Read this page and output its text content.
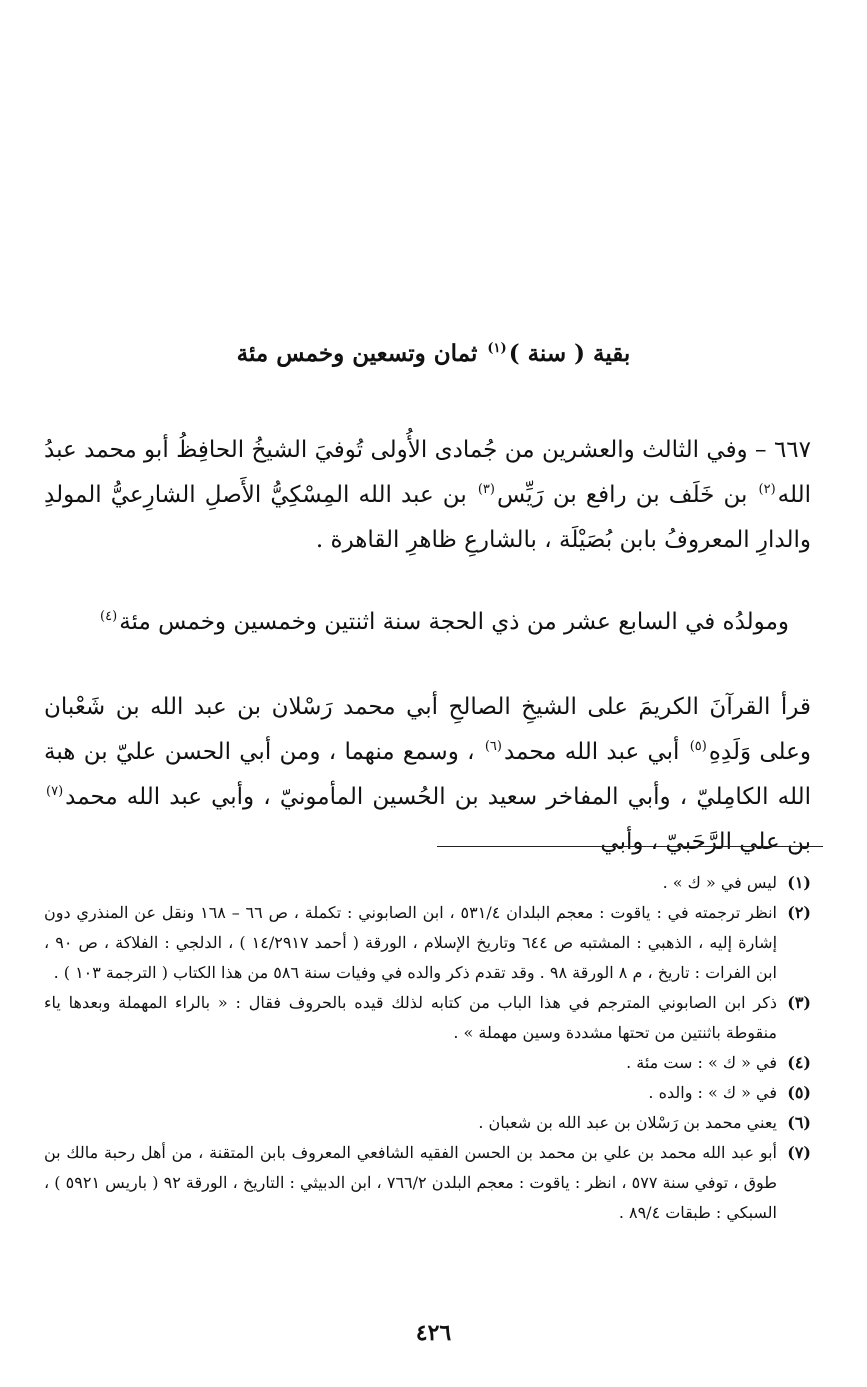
بقية ( سنة )$^{(١)}$ ثمان وتسعين وخمس مئة
٦٦٧ – وفي الثالث والعشرين من جُمادى الأُولى تُوفيَ الشيخُ الحافِظُ أبو محمد عبدُ الله$^{(٢)}$ بن خَلَف بن رافع بن رَيِّس$^{(٣)}$ بن عبد الله المِسْكِيُّ الأَصلِ الشارِعيُّ المولدِ والدارِ المعروفُ بابن بُصَيْلَة ، بالشارعِ ظاهرِ القاهرة .
ومولدُه في السابع عشر من ذي الحجة سنة اثنتين وخمسين وخمس مئة$^{(٤)}$
قرأ القرآنَ الكريمَ على الشيخِ الصالحِ أبي محمد رَسْلان بن عبد الله بن شَعْبان وعلى وَلَدِهِ$^{(٥)}$ أبي عبد الله محمد$^{(٦)}$ ، وسمع منهما ، ومن أبي الحسن عليّ بن هبة الله الكامِليّ ، وأبي المفاخر سعيد بن الحُسين المأمونيّ ، وأبي عبد الله محمد$^{(٧)}$ بن علي الرَّحَبيّ ، وأبي
(١)
ليس في « ك » .
(٢)
انظر ترجمته في : ياقوت : معجم البلدان ٥٣١/٤ ، ابن الصابوني : تكملة ، ص ٦٦ – ١٦٨ ونقل عن المنذري دون إشارة إليه ، الذهبي : المشتبه ص ٦٤٤ وتاريخ الإسلام ، الورقة ( أحمد ١٤/٢٩١٧ ) ، الدلجي : الفلاكة ، ص ٩٠ ، ابن الفرات : تاريخ ، م ٨ الورقة ٩٨ . وقد تقدم ذكر والده في وفيات سنة ٥٨٦ من هذا الكتاب ( الترجمة ١٠٣ ) .
(٣)
ذكر ابن الصابوني المترجم في هذا الباب من كتابه لذلك قيده بالحروف فقال : « بالراء المهملة وبعدها ياء منقوطة باثنتين من تحتها مشددة وسين مهملة » .
(٤)
في « ك » : ست مئة .
(٥)
في « ك » : والده .
(٦)
يعني محمد بن رَسْلان بن عبد الله بن شعبان .
(٧)
أبو عبد الله محمد بن علي بن محمد بن الحسن الفقيه الشافعي المعروف بابن المتقنة ، من أهل رحبة مالك بن طوق ، توفي سنة ٥٧٧ ، انظر : ياقوت : معجم البلدن ٧٦٦/٢ ، ابن الدبيثي : التاريخ ، الورقة ٩٢ ( باريس ٥٩٢١ ) ، السبكي : طبقات ٨٩/٤ .
٤٢٦
